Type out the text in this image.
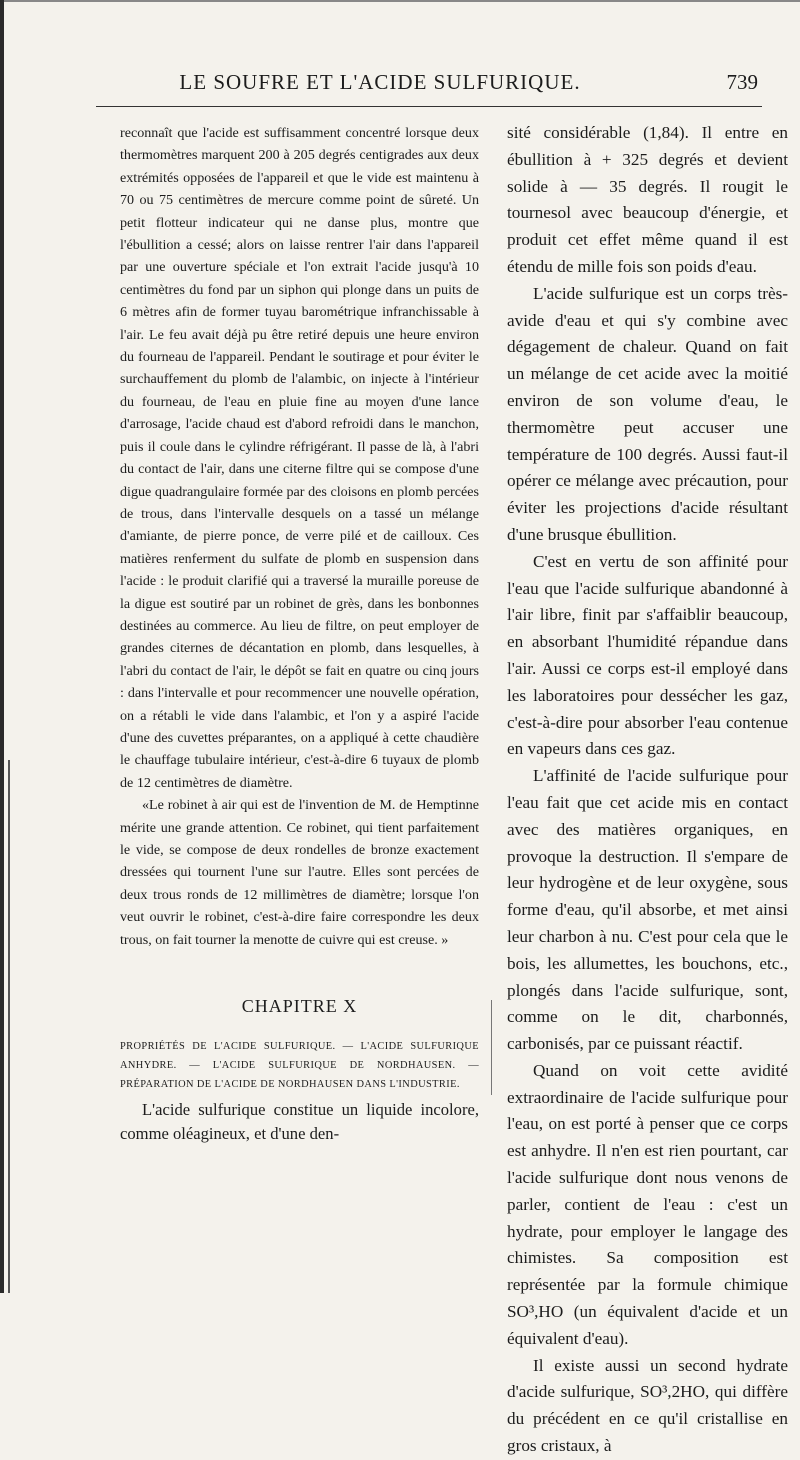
LE SOUFRE ET L'ACIDE SULFURIQUE.	739

reconnaît que l'acide est suffisamment concentré lorsque deux thermomètres marquent 200 à 205 degrés centigrades aux deux extrémités opposées de l'appareil et que le vide est maintenu à 70 ou 75 centimètres de mercure comme point de sûreté. Un petit flotteur indicateur qui ne danse plus, montre que l'ébullition a cessé; alors on laisse rentrer l'air dans l'appareil par une ouverture spéciale et l'on extrait l'acide jusqu'à 10 centimètres du fond par un siphon qui plonge dans un puits de 6 mètres afin de former tuyau barométrique infranchissable à l'air. Le feu avait déjà pu être retiré depuis une heure environ du fourneau de l'appareil. Pendant le soutirage et pour éviter le surchauffement du plomb de l'alambic, on injecte à l'intérieur du fourneau, de l'eau en pluie fine au moyen d'une lance d'arrosage, l'acide chaud est d'abord refroidi dans le manchon, puis il coule dans le cylindre réfrigérant. Il passe de là, à l'abri du contact de l'air, dans une citerne filtre qui se compose d'une digue quadrangulaire formée par des cloisons en plomb percées de trous, dans l'intervalle desquels on a tassé un mélange d'amiante, de pierre ponce, de verre pilé et de cailloux. Ces matières renferment du sulfate de plomb en suspension dans l'acide : le produit clarifié qui a traversé la muraille poreuse de la digue est soutiré par un robinet de grès, dans les bonbonnes destinées au commerce. Au lieu de filtre, on peut employer de grandes citernes de décantation en plomb, dans lesquelles, à l'abri du contact de l'air, le dépôt se fait en quatre ou cinq jours : dans l'intervalle et pour recommencer une nouvelle opération, on a rétabli le vide dans l'alambic, et l'on y a aspiré l'acide d'une des cuvettes préparantes, on a appliqué à cette chaudière le chauffage tubulaire intérieur, c'est-à-dire 6 tuyaux de plomb de 12 centimètres de diamètre.

«Le robinet à air qui est de l'invention de M. de Hemptinne mérite une grande attention. Ce robinet, qui tient parfaitement le vide, se compose de deux rondelles de bronze exactement dressées qui tournent l'une sur l'autre. Elles sont percées de deux trous ronds de 12 millimètres de diamètre; lorsque l'on veut ouvrir le robinet, c'est-à-dire faire correspondre les deux trous, on fait tourner la menotte de cuivre qui est creuse. »

CHAPITRE X

PROPRIÉTÉS DE L'ACIDE SULFURIQUE. — L'ACIDE SULFURIQUE ANHYDRE. — L'ACIDE SULFURIQUE DE NORDHAUSEN. — PRÉPARATION DE L'ACIDE DE NORDHAUSEN DANS L'INDUSTRIE.

L'acide sulfurique constitue un liquide incolore, comme oléagineux, et d'une den-

sité considérable (1,84). Il entre en ébullition à + 325 degrés et devient solide à — 35 degrés. Il rougit le tournesol avec beaucoup d'énergie, et produit cet effet même quand il est étendu de mille fois son poids d'eau.

L'acide sulfurique est un corps très-avide d'eau et qui s'y combine avec dégagement de chaleur. Quand on fait un mélange de cet acide avec la moitié environ de son volume d'eau, le thermomètre peut accuser une température de 100 degrés. Aussi faut-il opérer ce mélange avec précaution, pour éviter les projections d'acide résultant d'une brusque ébullition.

C'est en vertu de son affinité pour l'eau que l'acide sulfurique abandonné à l'air libre, finit par s'affaiblir beaucoup, en absorbant l'humidité répandue dans l'air. Aussi ce corps est-il employé dans les laboratoires pour dessécher les gaz, c'est-à-dire pour absorber l'eau contenue en vapeurs dans ces gaz.

L'affinité de l'acide sulfurique pour l'eau fait que cet acide mis en contact avec des matières organiques, en provoque la destruction. Il s'empare de leur hydrogène et de leur oxygène, sous forme d'eau, qu'il absorbe, et met ainsi leur charbon à nu. C'est pour cela que le bois, les allumettes, les bouchons, etc., plongés dans l'acide sulfurique, sont, comme on le dit, charbonnés, carbonisés, par ce puissant réactif.

Quand on voit cette avidité extraordinaire de l'acide sulfurique pour l'eau, on est porté à penser que ce corps est anhydre. Il n'en est rien pourtant, car l'acide sulfurique dont nous venons de parler, contient de l'eau : c'est un hydrate, pour employer le langage des chimistes. Sa composition est représentée par la formule chimique SO³,HO (un équivalent d'acide et un équivalent d'eau).

Il existe aussi un second hydrate d'acide sulfurique, SO³,2HO, qui diffère du précédent en ce qu'il cristallise en gros cristaux, à
